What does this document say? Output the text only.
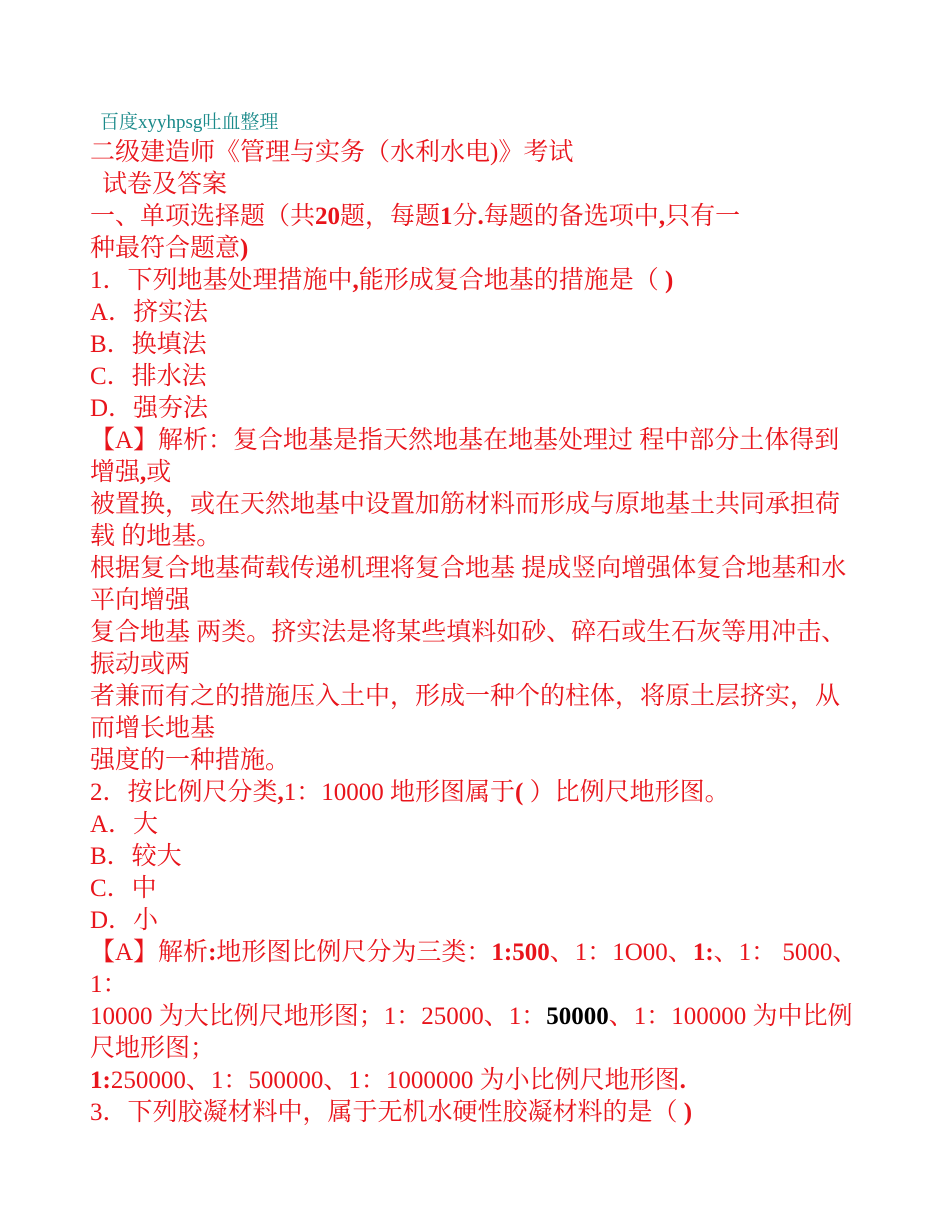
百度xyyhpsg吐血整理
二级建造师《管理与实务（水利水电)》考试
试卷及答案
一、单项选择题（共20题，每题1分.每题的备选项中,只有一
种最符合题意)
1．下列地基处理措施中,能形成复合地基的措施是（ )
A．挤实法
B．换填法
C．排水法
D．强夯法
【A】解析：复合地基是指天然地基在地基处理过 程中部分土体得到增强,或
被置换，或在天然地基中设置加筋材料而形成与原地基土共同承担荷载 的地基。
根据复合地基荷载传递机理将复合地基 提成竖向增强体复合地基和水平向增强
复合地基 两类。挤实法是将某些填料如砂、碎石或生石灰等用冲击、振动或两
者兼而有之的措施压入土中，形成一种个的柱体，将原土层挤实，从而增长地基
强度的一种措施。
2．按比例尺分类,1：10000 地形图属于( ）比例尺地形图。
A．大
B．较大
C．中
D．小
【A】解析:地形图比例尺分为三类：1:500、1：1O00、1:、1： 5000、1：
10000 为大比例尺地形图；1：25000、1：50000、1：100000 为中比例尺地形图；
1:250000、1：500000、1：1000000 为小比例尺地形图.
3．下列胶凝材料中，属于无机水硬性胶凝材料的是（ )
